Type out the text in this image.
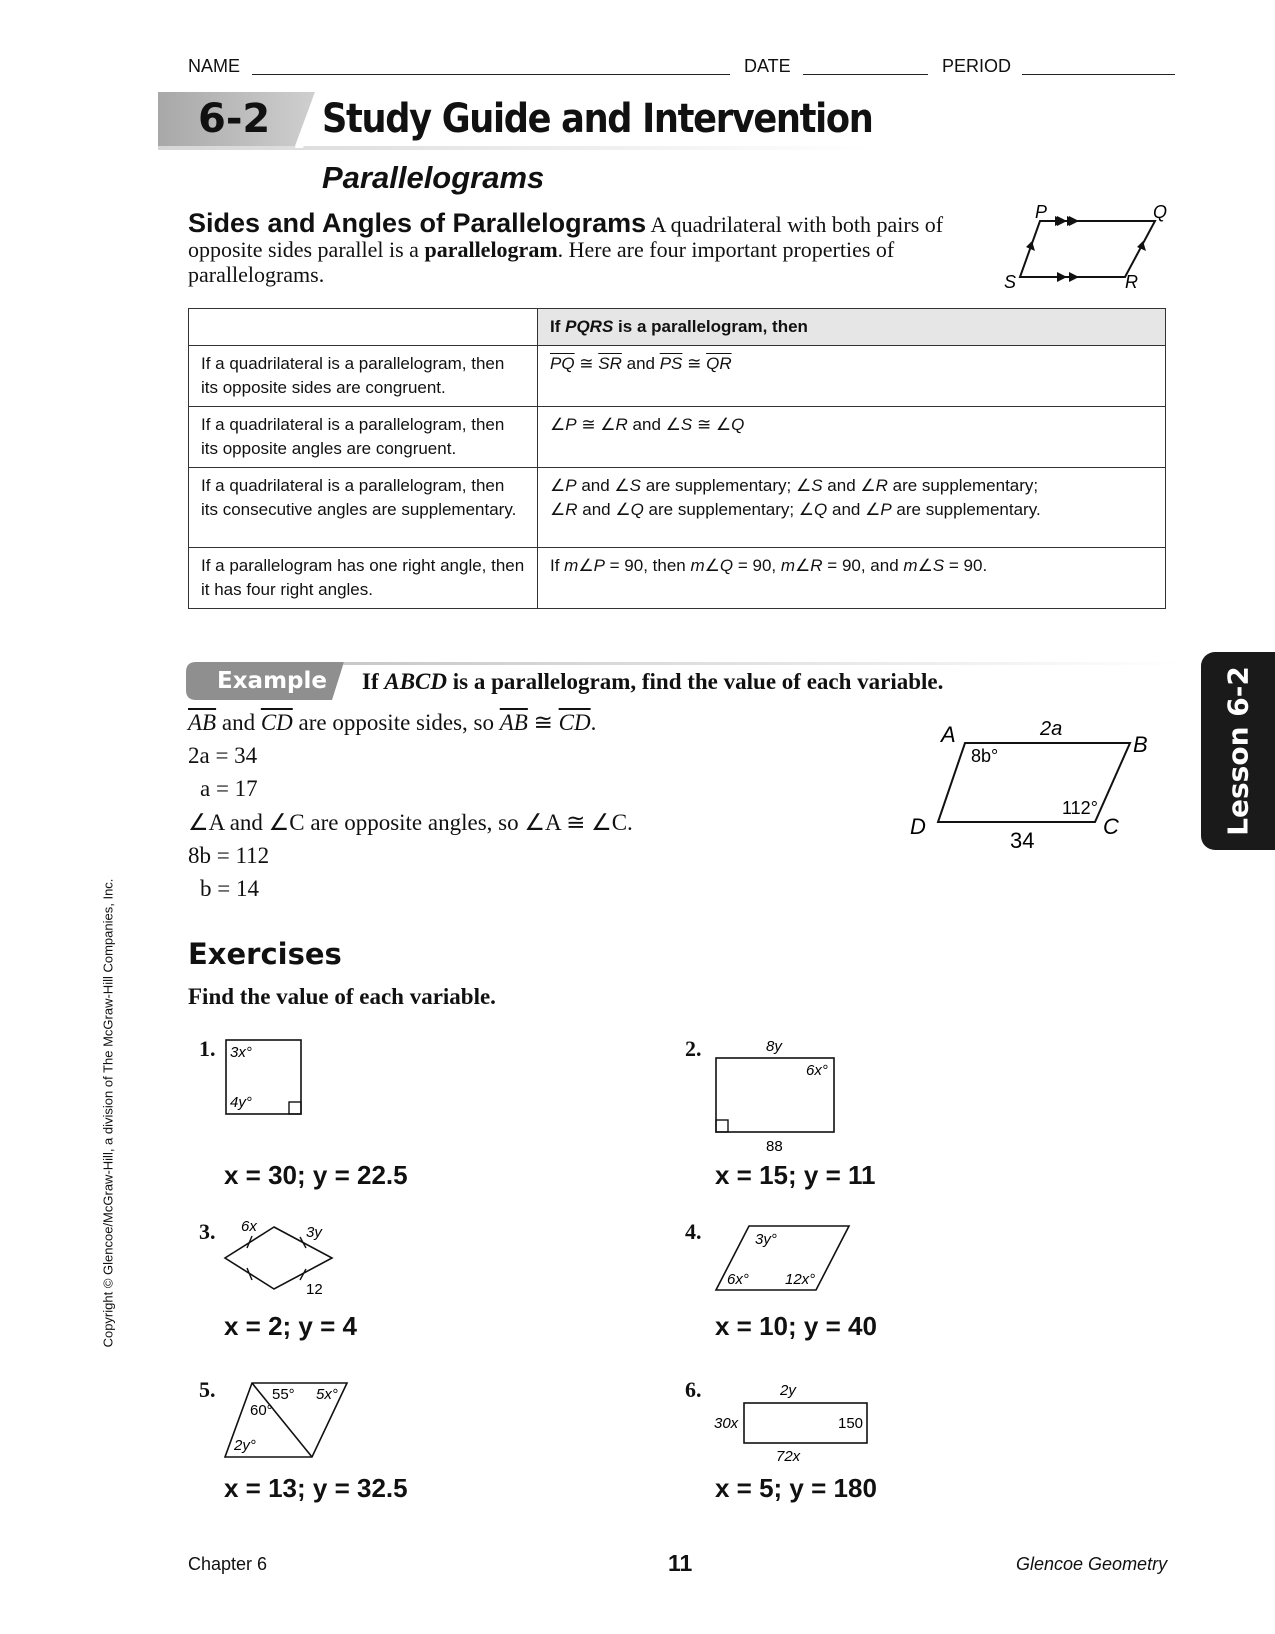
NAME	DATE	PERIOD
6-2 Study Guide and Intervention
Parallelograms
Sides and Angles of Parallelograms A quadrilateral with both pairs of opposite sides parallel is a parallelogram. Here are four important properties of parallelograms.
P	Q
S	R
	If PQRS is a parallelogram, then
If a quadrilateral is a parallelogram, then its opposite sides are congruent.	$\overline{PQ}$ ≅ $\overline{SR}$ and $\overline{PS}$ ≅ $\overline{QR}$
If a quadrilateral is a parallelogram, then its opposite angles are congruent.	∠P ≅ ∠R and ∠S ≅ ∠Q
If a quadrilateral is a parallelogram, then its consecutive angles are supplementary.	∠P and ∠S are supplementary; ∠S and ∠R are supplementary;
∠R and ∠Q are supplementary; ∠Q and ∠P are supplementary.
If a parallelogram has one right angle, then it has four right angles.	If m∠P = 90, then m∠Q = 90, m∠R = 90, and m∠S = 90.
Example If ABCD is a parallelogram, find the value of each variable.
$\overline{AB}$ and $\overline{CD}$ are opposite sides, so $\overline{AB}$ ≅ $\overline{CD}$.
2a = 34
a = 17
∠A and ∠C are opposite angles, so ∠A ≅ ∠C.
8b = 112
b = 14
2a
A	B
8b°
112°
D	C
34
Exercises
Find the value of each variable.
1. 3x°
4y°
x = 30; y = 22.5
2.	8y
6x°
88
x = 15; y = 11
3. 6x	3y
12
x = 2; y = 4
4.	3y°
6x° 12x°
x = 10; y = 40
5.	55° 5x°
60°
2y°
x = 13; y = 32.5
6.	2y
30x	150
72x
x = 5; y = 180
Lesson 6-2
Copyright © Glencoe/McGraw-Hill, a division of The McGraw-Hill Companies, Inc.
Chapter 6	11	Glencoe Geometry
